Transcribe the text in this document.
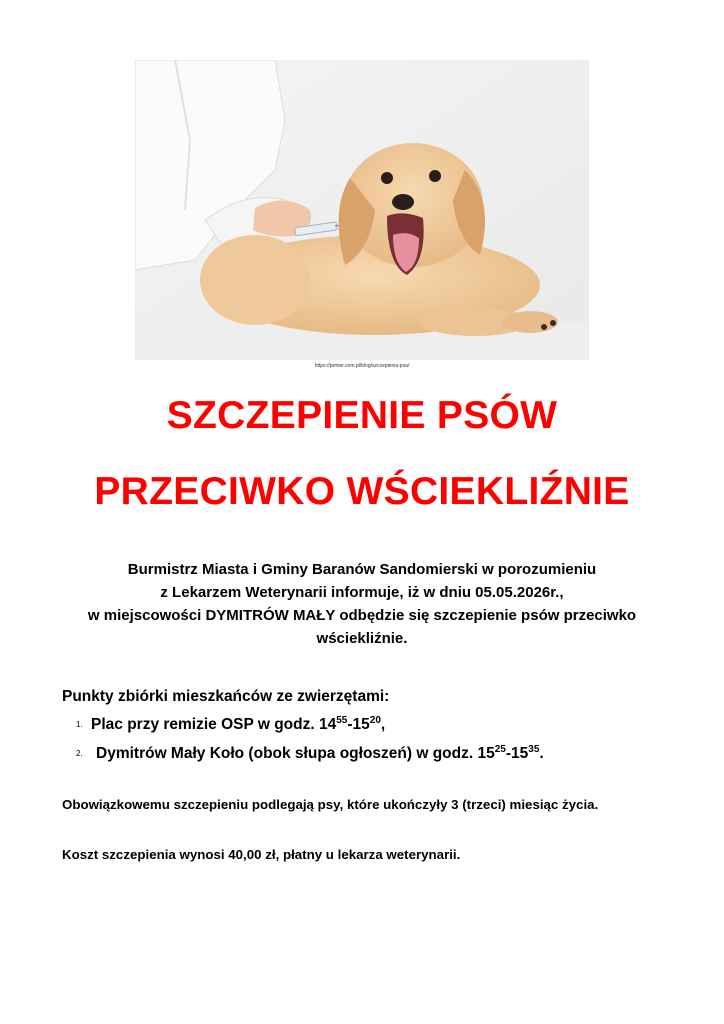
https://petner.com.pl/blog/szczepienia-psa/
SZCZEPIENIE PSÓW
PRZECIWKO WŚCIEKLIŹNIE
Burmistrz Miasta i Gminy Baranów Sandomierski w porozumieniu
z Lekarzem Weterynarii informuje, iż w dniu 05.05.2026r.,
w miejscowości DYMITRÓW MAŁY odbędzie się szczepienie psów przeciwko
wściekliźnie.
Punkty zbiórki mieszkańców ze zwierzętami:
1. Plac przy remizie OSP w godz. $14^{55}-15^{20}$,
2. Dymitrów Mały Koło (obok słupa ogłoszeń) w godz. $15^{25}-15^{35}$.
Obowiązkowemu szczepieniu podlegają psy, które ukończyły 3 (trzeci) miesiąc życia.
Koszt szczepienia wynosi 40,00 zł, płatny u lekarza weterynarii.
